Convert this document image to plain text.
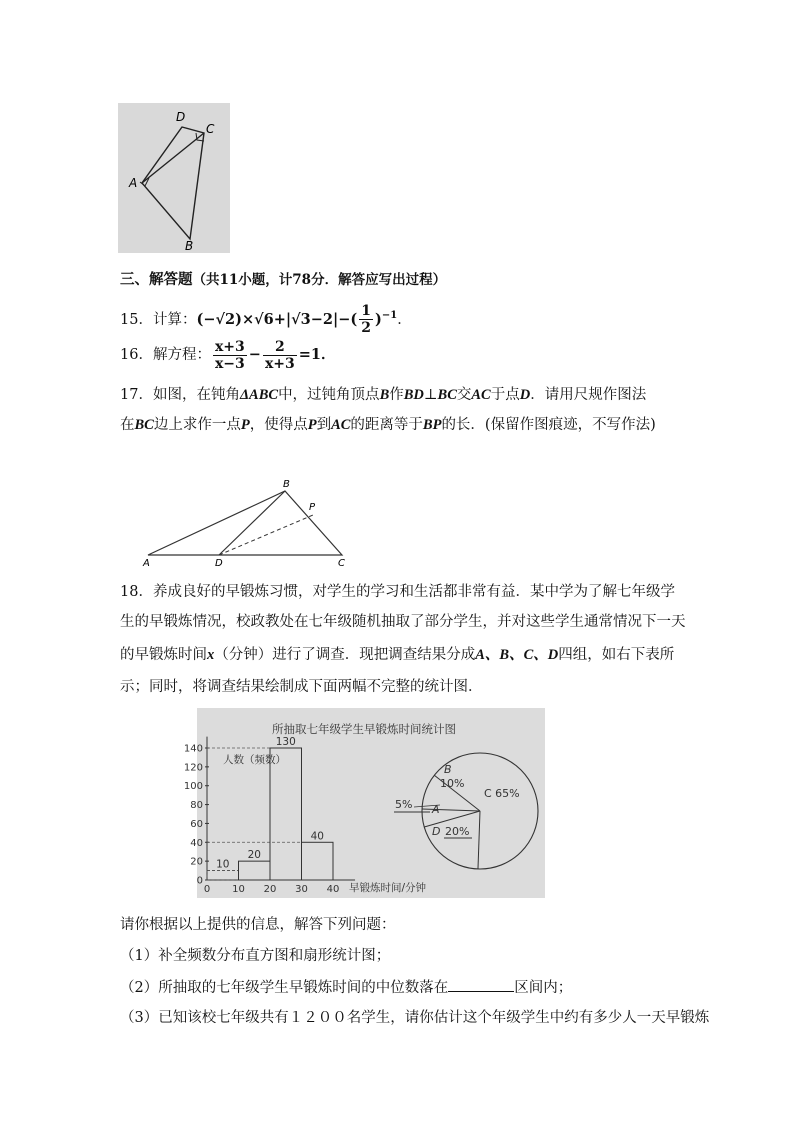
D
C
A
B
三、解答题（共11小题，计78分．解答应写出过程）
15．计算：$(-√2)\times√6+|√3-2|-( \frac{1}{2} )^{-1}$．
16．解方程： $\frac{x+3}{x-3} - \frac{2}{x+3} =1$．
17．如图，在钝角ΔABC中，过钝角顶点B作BD⊥BC交AC于点D．请用尺规作图法
在BC边上求作一点P，使得点P到AC的距离等于BP的长．(保留作图痕迹，不写作法)
A
B
C
D
P
18．养成良好的早锻炼习惯，对学生的学习和生活都非常有益．某中学为了解七年级学
生的早锻炼情况，校政教处在七年级随机抽取了部分学生，并对这些学生通常情况下一天
的早锻炼时间x（分钟）进行了调查．现把调查结果分成A、B、C、D四组，如右下表所
示；同时，将调查结果绘制成下面两幅不完整的统计图．
所抽取七年级学生早锻炼时间统计图
人数（频数）
早锻炼时间/分钟
0
20
40
60
80
100
120
140
0 10 20 30 40
10
20
130
40
A
5%
B
10%
C 65%
D 20%
请你根据以上提供的信息，解答下列问题：
（1）补全频数分布直方图和扇形统计图；
（2）所抽取的七年级学生早锻炼时间的中位数落在	区间内；
（3）已知该校七年级共有１２００名学生，请你估计这个年级学生中约有多少人一天早锻炼
